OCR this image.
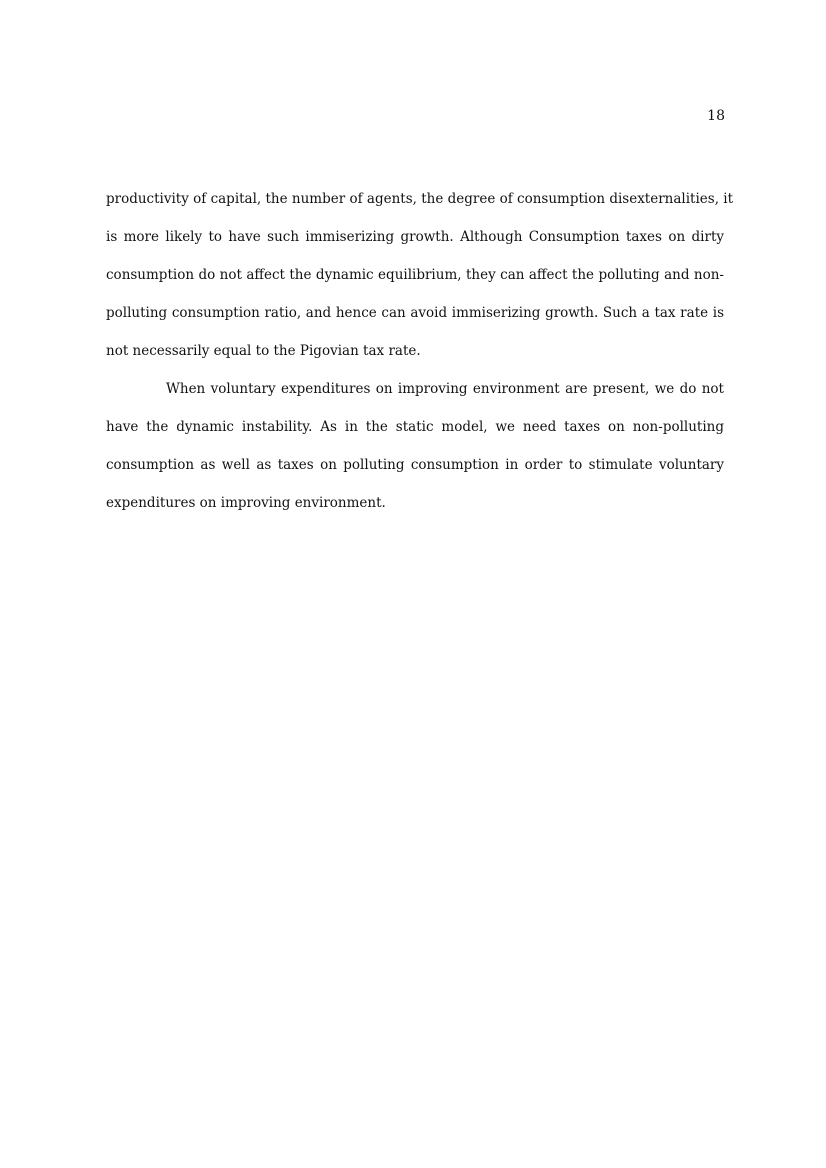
18
productivity of capital, the number of agents, the degree of consumption disexternalities, it
is more likely to have such immiserizing growth. Although Consumption taxes on dirty
consumption do not affect the dynamic equilibrium, they can affect the polluting and non-
polluting consumption ratio, and hence can avoid immiserizing growth. Such a tax rate is
not necessarily equal to the Pigovian tax rate.
When voluntary expenditures on improving environment are present, we do not
have the dynamic instability. As in the static model, we need taxes on non-polluting
consumption as well as taxes on polluting consumption in order to stimulate voluntary
expenditures on improving environment.
